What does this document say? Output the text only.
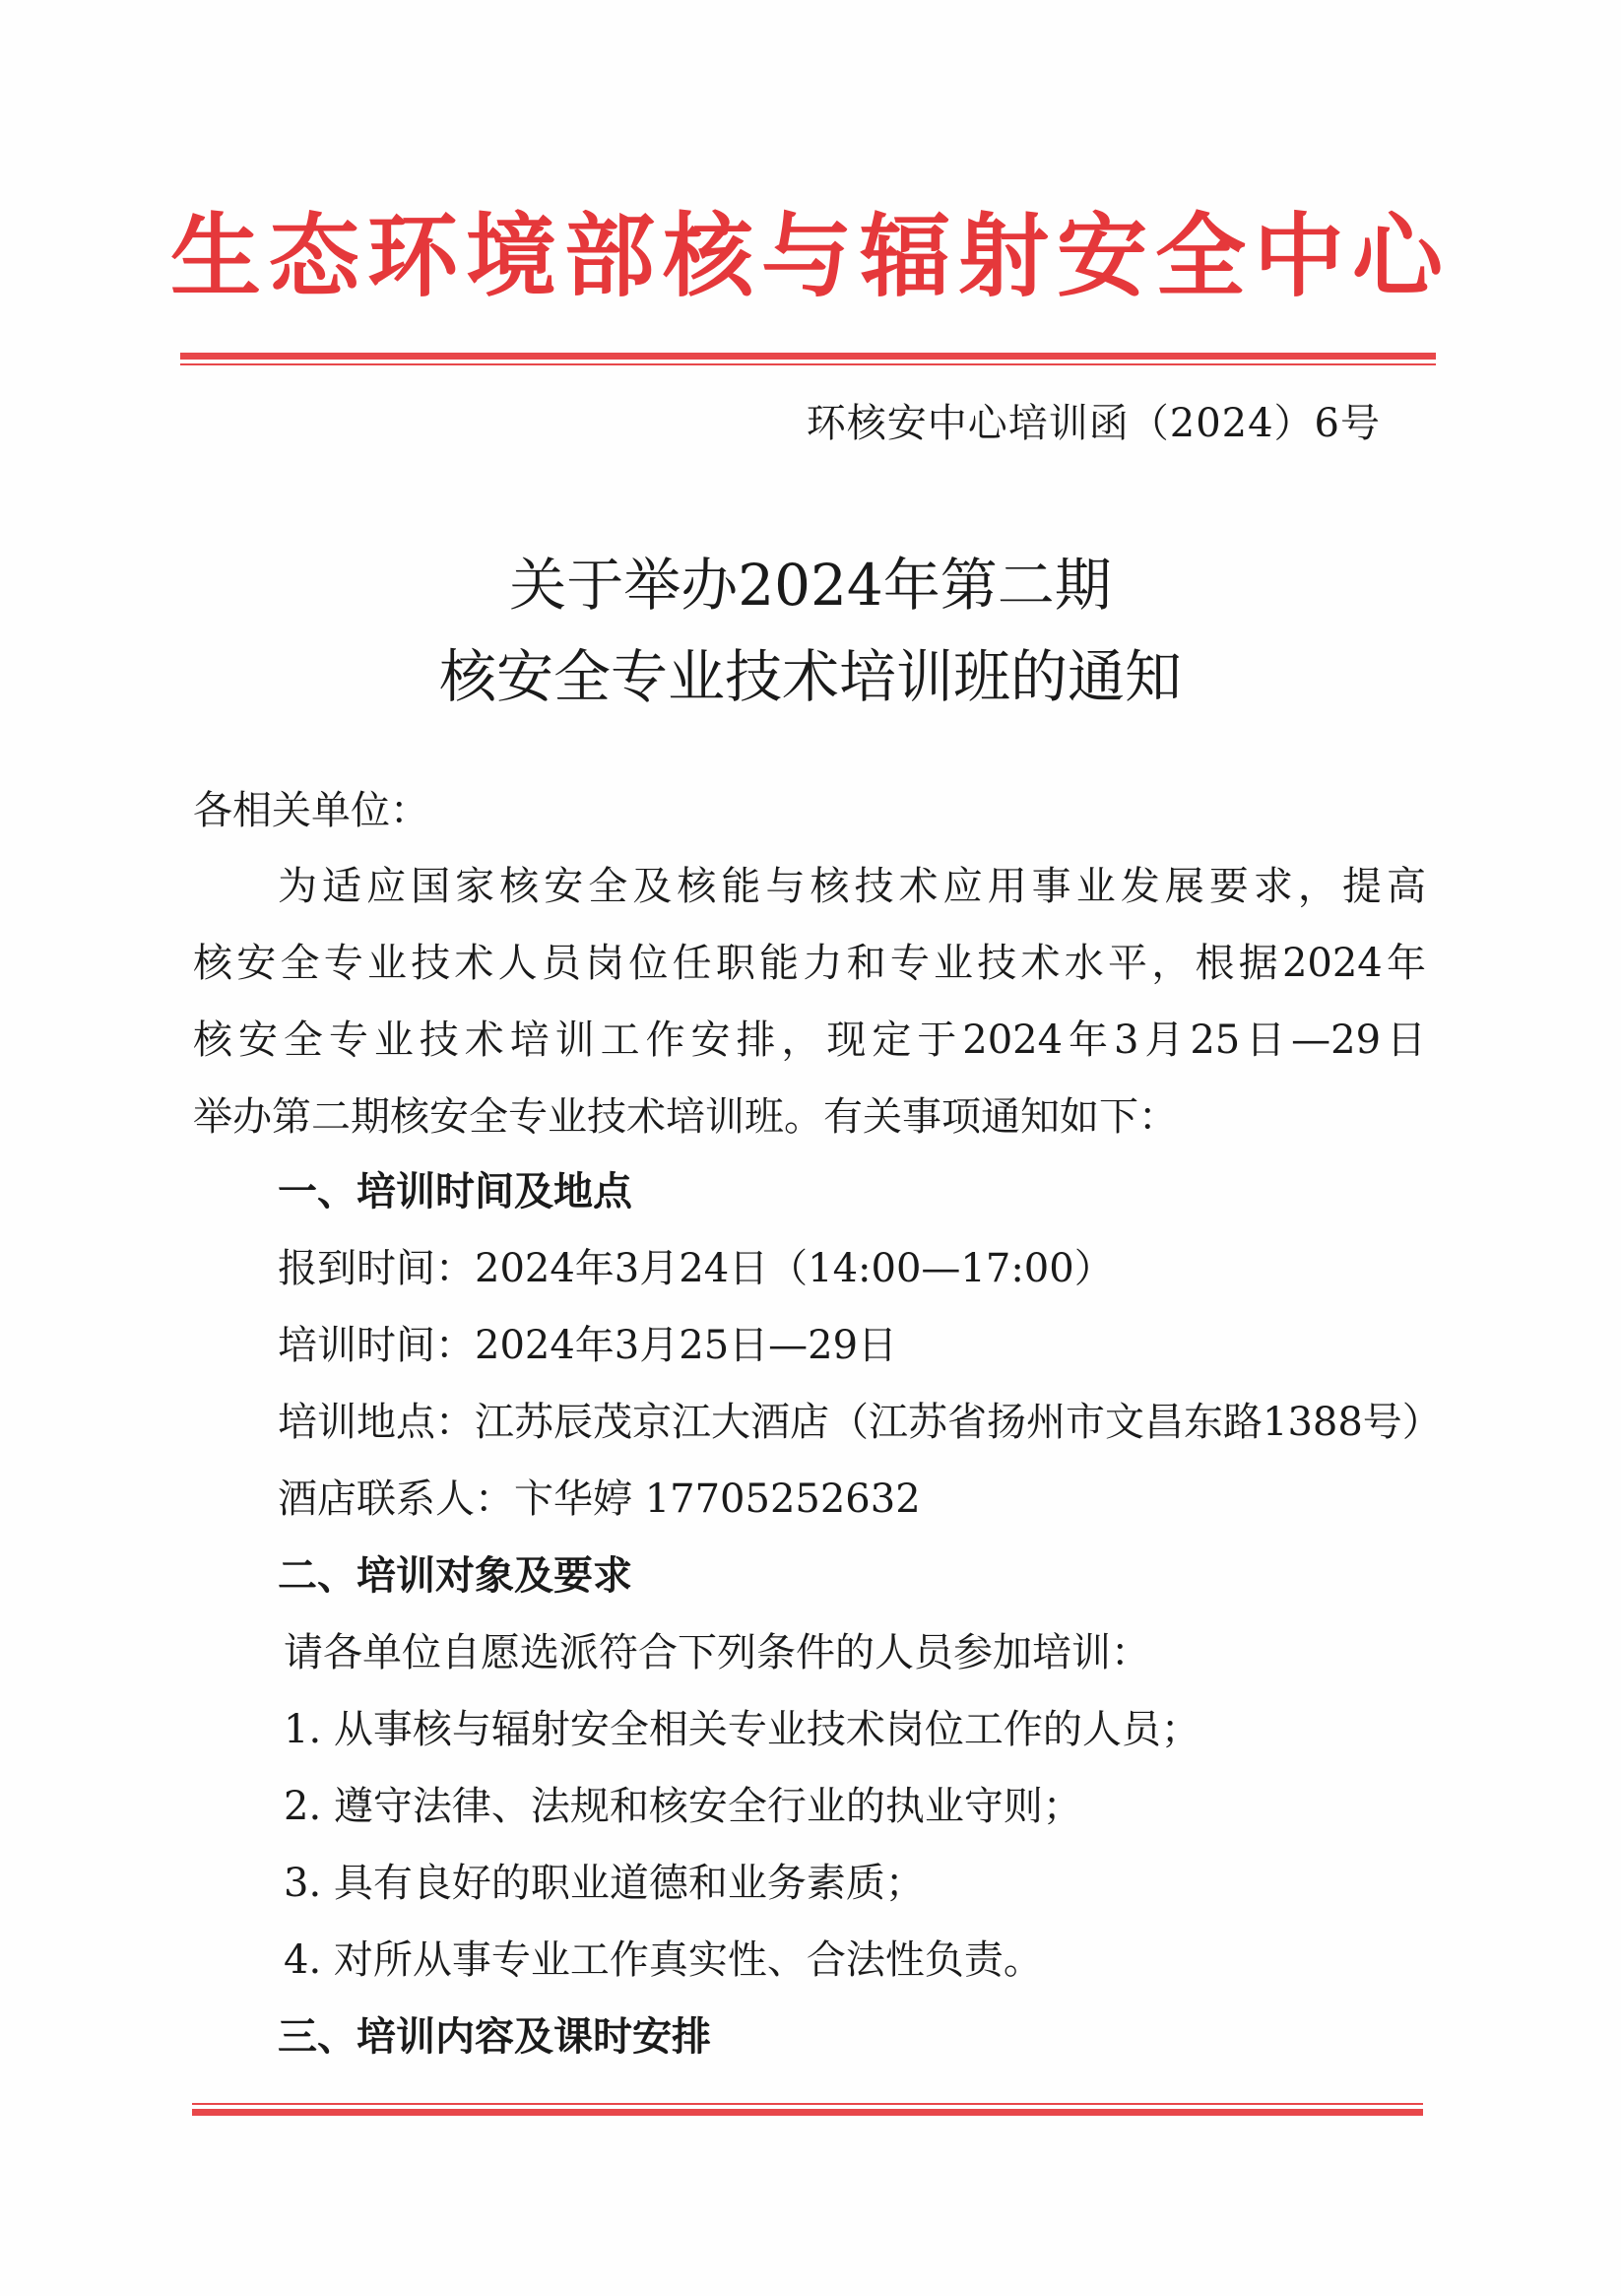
生态环境部核与辐射安全中心
环核安中心培训函（2024）6号
关于举办2024年第二期
核安全专业技术培训班的通知
各相关单位：
为适应国家核安全及核能与核技术应用事业发展要求，提高
核安全专业技术人员岗位任职能力和专业技术水平，根据2024年
核安全专业技术培训工作安排，现定于2024年3月25日—29日
举办第二期核安全专业技术培训班。有关事项通知如下：
一、培训时间及地点
报到时间：2024年3月24日（14:00—17:00）
培训时间：2024年3月25日—29日
培训地点：江苏辰茂京江大酒店（江苏省扬州市文昌东路1388号）
酒店联系人：卞华婷 17705252632
二、培训对象及要求
请各单位自愿选派符合下列条件的人员参加培训：
1. 从事核与辐射安全相关专业技术岗位工作的人员；
2. 遵守法律、法规和核安全行业的执业守则；
3. 具有良好的职业道德和业务素质；
4. 对所从事专业工作真实性、合法性负责。
三、培训内容及课时安排
